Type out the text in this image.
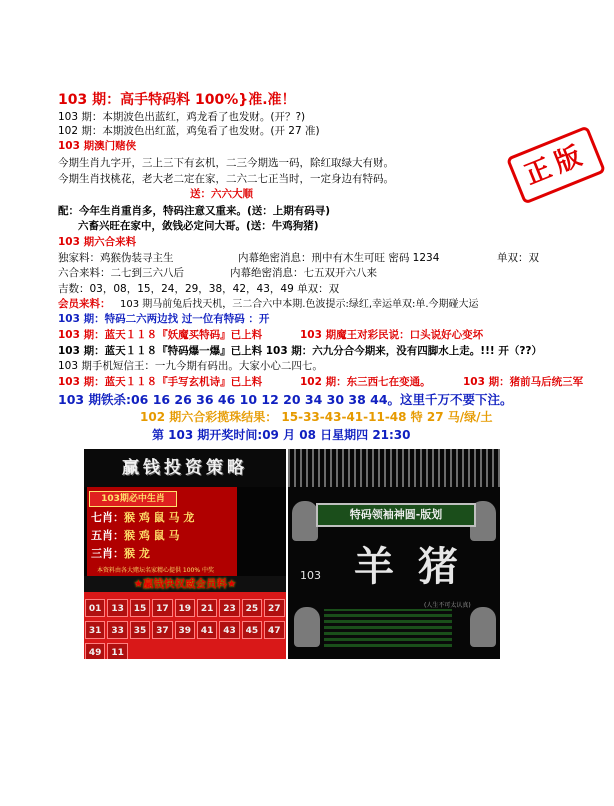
103 期：高手特码料 100%}准.准！
103 期：本期波色出蓝红，鸡龙看了也发财。(开？?)
102 期：本期波色出红蓝，鸡兔看了也发财。(开 27 准)
103 期澳门赌侠
今期生肖九字开，三上三下有玄机，二三今期选一码，除红取绿大有财。
今期生肖找桃花，老大老二定在家，二六二七正当时，一定身边有特码。
送：六六大顺
配：今年生肖重肖多，特码注意又重来。(送：上期有码寻)
六畜兴旺在家中，敛钱必定问大哥。(送：牛鸡狗猪)
103 期六合来料
独家料：鸡猴伪装寻主生	内幕绝密消息：刑中有木生可旺 密码 1234	单双：双
六合来料：二七到三六八后	内幕绝密消息：七五双开六八来
吉数：03，08，15，24，29，38，42，43，49 单双：双
会员来料： 103 期马前兔后找天机，三二合六中本期.色波提示:绿红,幸运单双:单.今期碰大运
103 期：特码二六两边找 过一位有特码 ：开
103 期：蓝天１１８『妖魔买特码』已上料	103 期魔王对彩民说：口头说好心变坏
103 期：蓝天１１８『特码爆一爆』已上料 103 期：六九分合今期来，没有四脚水上走。!!! 开（??）
103 期手机短信王：一九今期有码出。大家小心二四七。
103 期：蓝天１１８『手写玄机诗』已上料	102 期：东三西七在变通。	103 期：猪前马后统三军
103 期铁杀:06 16 26 36 46 10 12 20 34 30 38 44。这里千万不要下注。
102 期六合彩揽珠结果： 15-33-43-41-11-48 特 27 马/绿/土
第 103 期开奖时间:09 月 08 日星期四 21:30
正版
赢钱投资策略
103期必中生肖
七肖：猴 鸡 鼠 马 龙
五肖：猴 鸡 鼠 马
三肖：猴 龙
本资料由各大赌坛名家精心提供 100% 中奖
★赢钱快权威会员料★
01	13	15	17	19	21	23	25	27
31	33	35	37	39	41	43	45	47
49	11
特码领袖神圆-版划
103 羊猪
(人生不可太认真)
